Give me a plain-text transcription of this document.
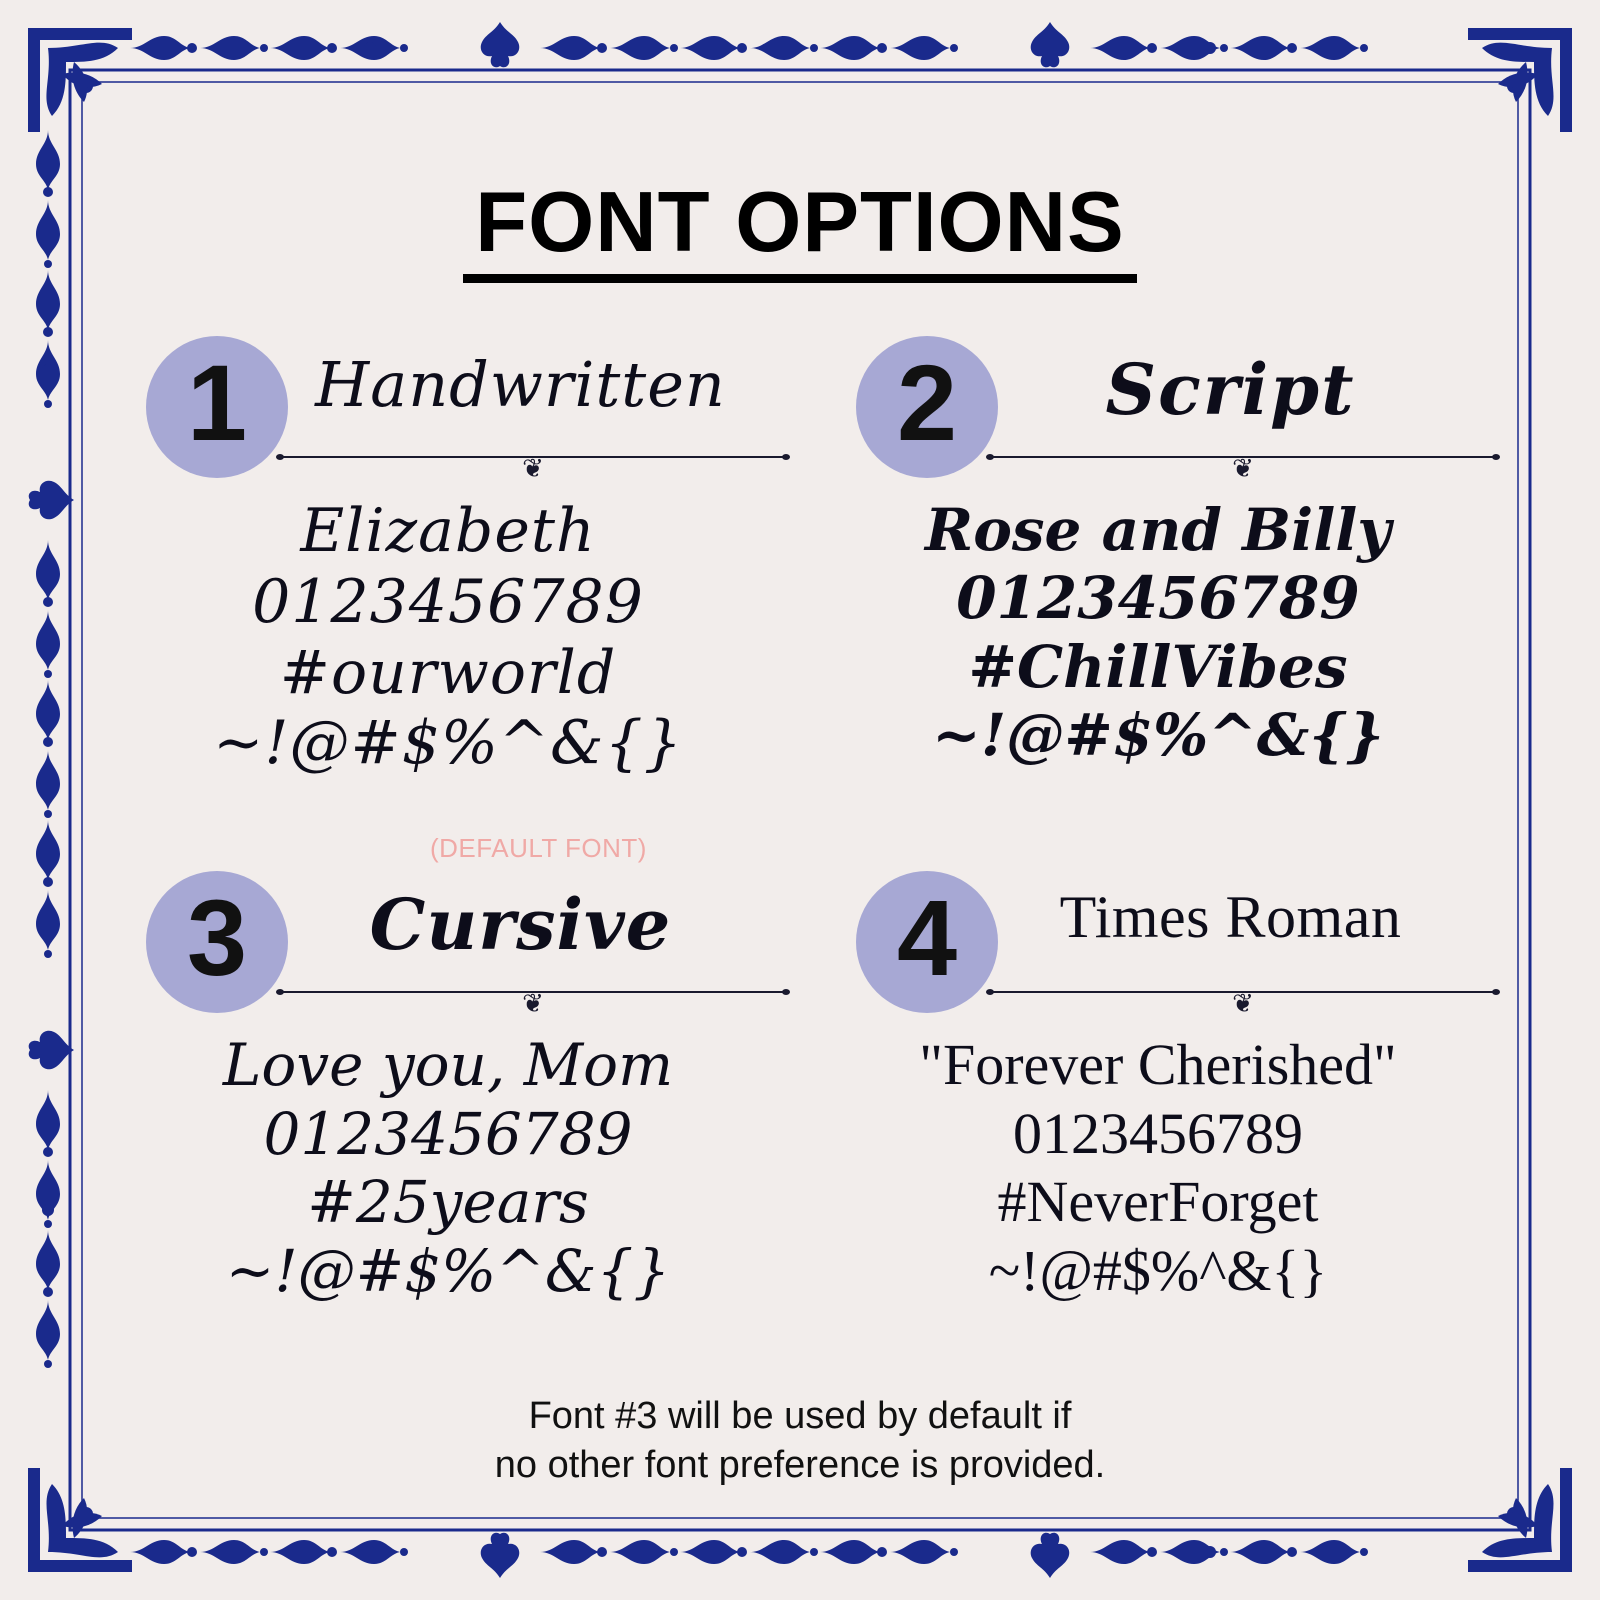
FONT OPTIONS
1	Handwritten
❦
Elizabeth
0123456789
#ourworld
~!@#$%^&{}
2	Script
❦
Rose and Billy
0123456789
#ChillVibes
~!@#$%^&{}
3	Cursive
(DEFAULT FONT)
❦
Love you, Mom
0123456789
#25years
~!@#$%^&{}
4	Times Roman
❦
"Forever Cherished"
0123456789
#NeverForget
~!@#$%^&{}
Font #3 will be used by default if
no other font preference is provided.
